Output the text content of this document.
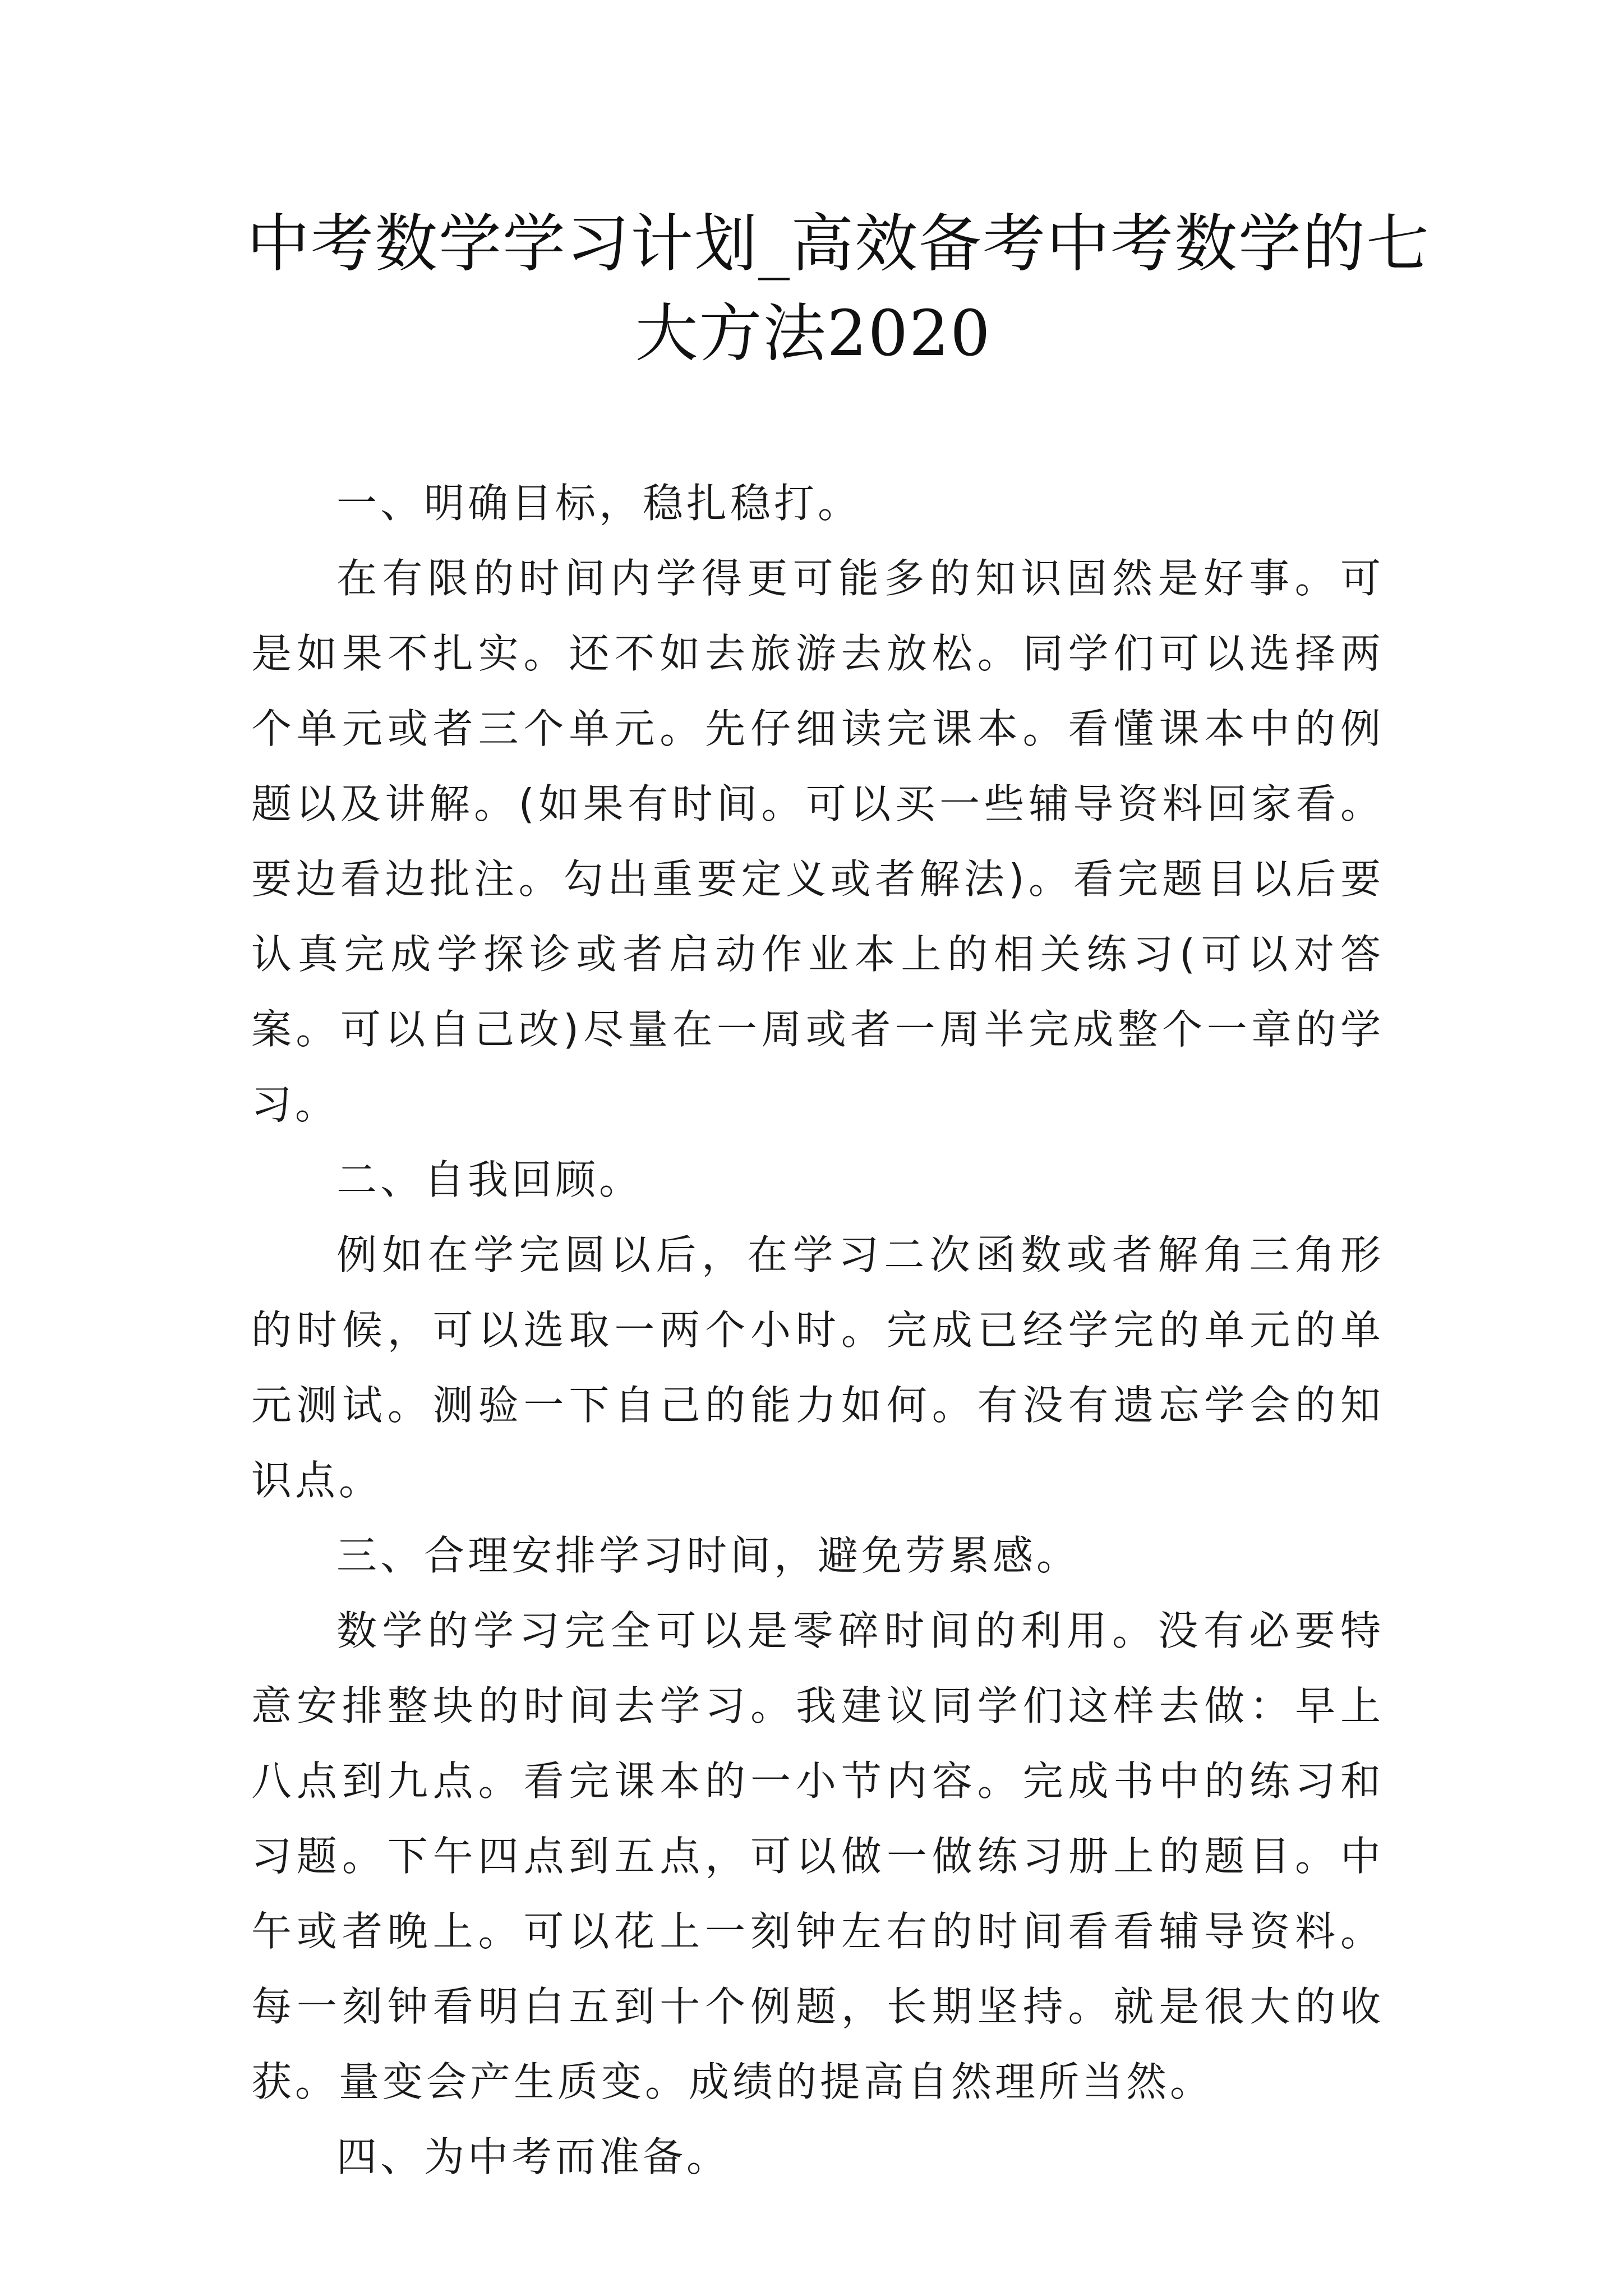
中考数学学习计划_高效备考中考数学的七
大方法2020

一、明确目标，稳扎稳打。

在有限的时间内学得更可能多的知识固然是好事。可是如果不扎实。还不如去旅游去放松。同学们可以选择两个单元或者三个单元。先仔细读完课本。看懂课本中的例题以及讲解。(如果有时间。可以买一些辅导资料回家看。要边看边批注。勾出重要定义或者解法)。看完题目以后要认真完成学探诊或者启动作业本上的相关练习(可以对答案。可以自己改)尽量在一周或者一周半完成整个一章的学习。

二、自我回顾。

例如在学完圆以后，在学习二次函数或者解角三角形的时候，可以选取一两个小时。完成已经学完的单元的单元测试。测验一下自己的能力如何。有没有遗忘学会的知识点。

三、合理安排学习时间，避免劳累感。

数学的学习完全可以是零碎时间的利用。没有必要特意安排整块的时间去学习。我建议同学们这样去做：早上八点到九点。看完课本的一小节内容。完成书中的练习和习题。下午四点到五点，可以做一做练习册上的题目。中午或者晚上。可以花上一刻钟左右的时间看看辅导资料。每一刻钟看明白五到十个例题，长期坚持。就是很大的收获。量变会产生质变。成绩的提高自然理所当然。

四、为中考而准备。
